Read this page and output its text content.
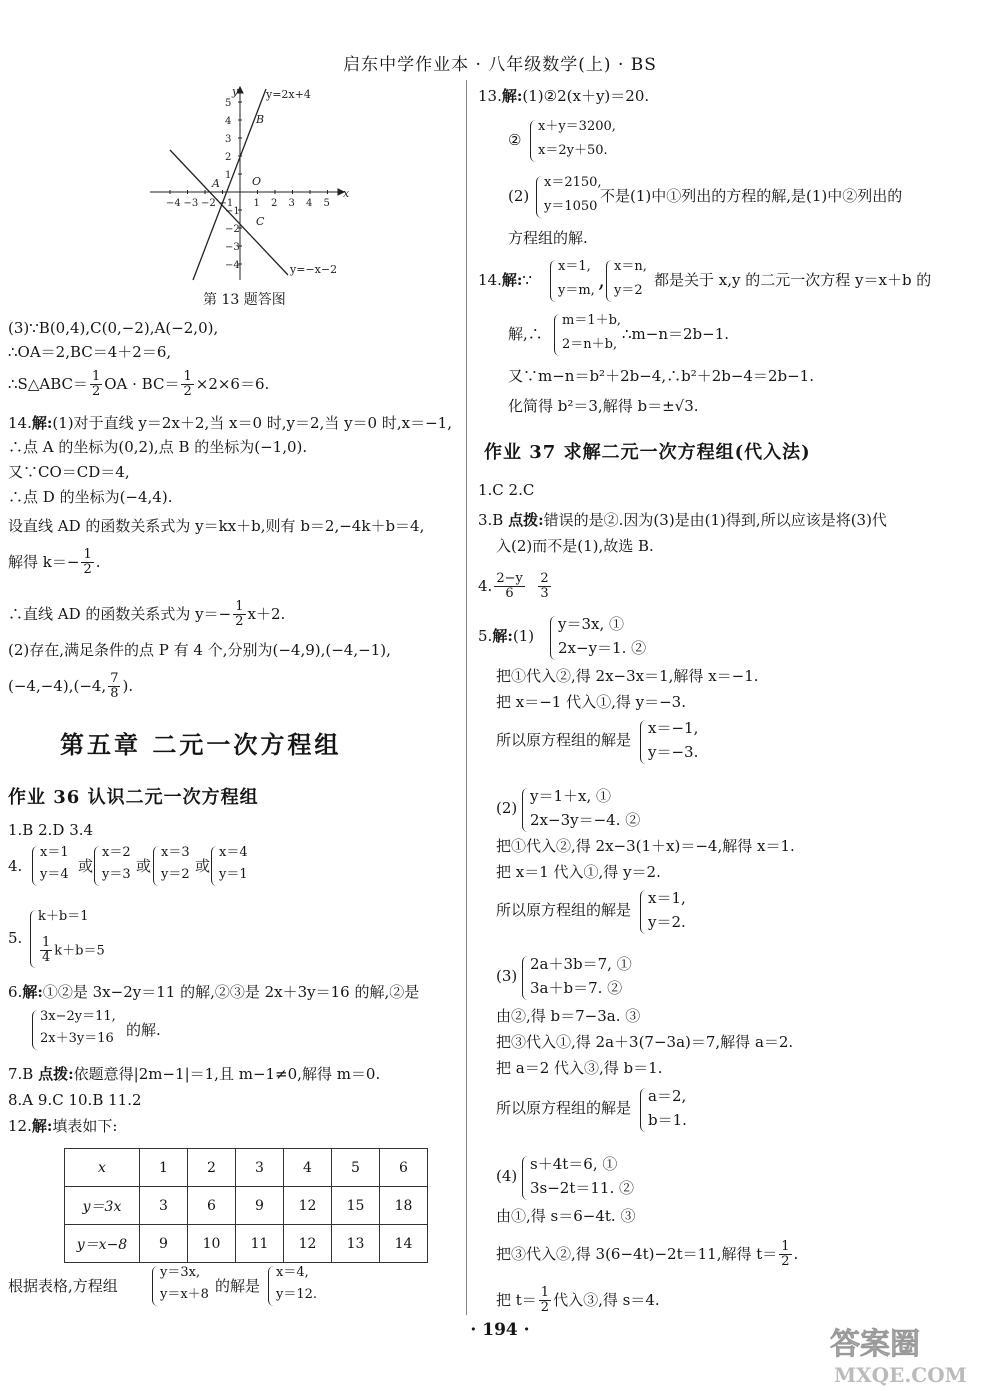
启东中学作业本 · 八年级数学(上) · BS
y=2x+4
y=−x−2
B
A	O
C
x
y
−4 −3 −2 −1 1 2 3 4 5
5
4
3
2
1
−1
−2
−3
−4
第 13 题答图
(3)∵B(0,4),C(0,−2),A(−2,0),
∴OA＝2,BC＝4＋2＝6,
∴S△ABC＝ $\frac{1}{2}$ OA · $BC= \frac{1}{2} \times 2\times 6=6$.
14.解:(1)对于直线 y＝2x＋2,当 x＝0 时,y＝2,当 y＝0 时,x＝−1,
∴点 A 的坐标为(0,2),点 B 的坐标为(−1,0).
又∵CO＝CD＝4,
∴点 D 的坐标为(−4,4).
设直线 AD 的函数关系式为 y＝kx＋b,则有 b＝2,−4k＋b＝4,
解得 $k=- \frac{1}{2}$ .
∴直线 AD 的函数关系式为 $y=- \frac{1}{2} x+2$.
(2)存在,满足条件的点 P 有 4 个,分别为(−4,9),(−4,−1),
(−4,−4),(−4, $\frac{7}{8}$ ).
第五章 二元一次方程组
作业 36 认识二元一次方程组
1.B 2.D 3.4
4.
x＝1
y＝4 或
x＝2
y＝3 或
x＝3
y＝2 或
x＝4
y＝1
5.
k＋b＝1
$\frac{1}{4} k+b=5$
6.解:①②是 3x−2y＝11 的解,②③是 2x＋3y＝16 的解,②是
3x−2y＝11,
2x＋3y＝16 的解.
7.B 点拨:依题意得|2m−1|＝1,且 m−1≠0,解得 m＝0.
8.A 9.C 10.B 11.2
12.解:填表如下:
根据表格,方程组
y＝3x,
y＝x＋8 的解是
x＝4,
y＝12.
x	1	2	3	4	5	6
y＝3x	3	6	9	12	15	18
y＝x−8	9	10	11	12	13	14
13.解:(1)②2(x＋y)＝20.
②
x＋y＝3200,
x＝2y＋50.
(2)
x＝2150,
y＝1050
不是(1)中①列出的方程的解,是(1)中②列出的
方程组的解.
14.解:∵
x＝1,
y＝m, ,
x＝n,
y＝2
都是关于 x,y 的二元一次方程 y＝x＋b 的
解,∴
m＝1＋b,
2＝n＋b,
∴m−n＝2b−1.
又∵m−n＝b²＋2b−4,∴b²＋2b−4＝2b−1.
化简得 b²＝3,解得 b＝±√3.
作业 37 求解二元一次方程组(代入法)
1.C 2.C
3.B 点拨:错误的是②.因为(3)是由(1)得到,所以应该是将(3)代
入(2)而不是(1),故选 B.
4. $\frac{2-y}{6}$
$\frac{2}{3}$
5.解:(1)
y＝3x, ①
2x−y＝1. ②
把①代入②,得 2x−3x＝1,解得 x＝−1.
把 x＝−1 代入①,得 y＝−3.
所以原方程组的解是
x＝−1,
y＝−3.
(2)
y＝1＋x, ①
2x−3y＝−4. ②
把①代入②,得 2x−3(1＋x)＝−4,解得 x＝1.
把 x＝1 代入①,得 y＝2.
所以原方程组的解是
x＝1,
y＝2.
(3)
2a＋3b＝7, ①
3a＋b＝7. ②
由②,得 b＝7−3a. ③
把③代入①,得 2a＋3(7−3a)＝7,解得 a＝2.
把 a＝2 代入③,得 b＝1.
所以原方程组的解是
a＝2,
b＝1.
(4)
s＋4t＝6, ①
3s−2t＝11. ②
由①,得 s＝6−4t. ③
把③代入②,得 3(6−4t)−2t＝11,解得 $t= \frac{1}{2}$ .
把 $t= \frac{1}{2}$ 代入③,得 s＝4.
· 194 ·	答案圈
MXQE.COM
